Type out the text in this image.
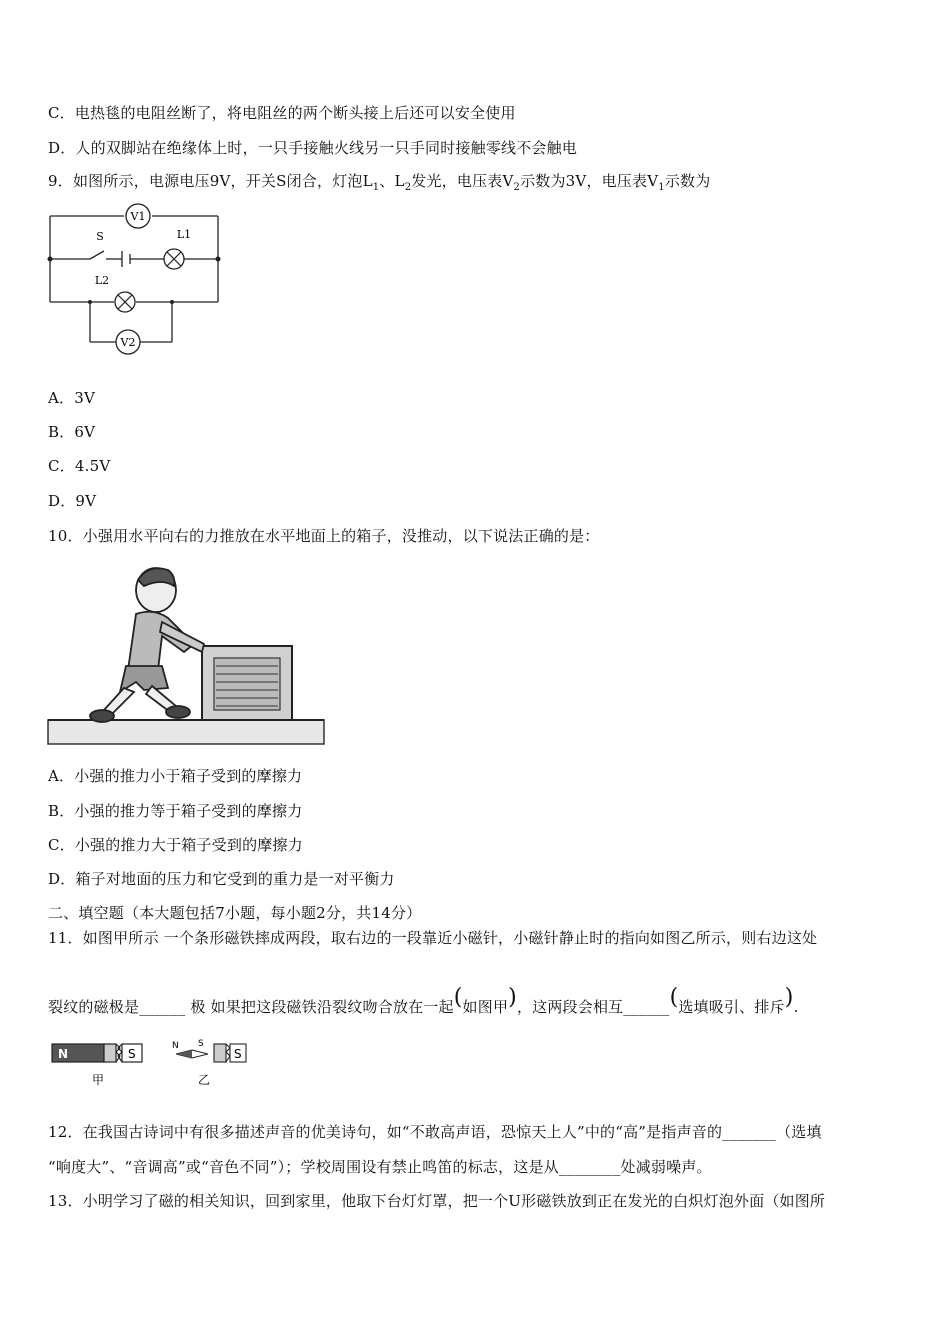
C．电热毯的电阻丝断了，将电阻丝的两个断头接上后还可以安全使用
D．人的双脚站在绝缘体上时，一只手接触火线另一只手同时接触零线不会触电
9．如图所示，电源电压9V，开关S闭合，灯泡$L_1$、$L_2$发光，电压表$V_2$示数为3V，电压表$V_1$示数为
V1
L1
S
L2
V2
A．3V
B．6V
C．4.5V
D．9V
10．小强用水平向右的力推放在水平地面上的箱子，没推动，以下说法正确的是：
A．小强的推力小于箱子受到的摩擦力
B．小强的推力等于箱子受到的摩擦力
C．小强的推力大于箱子受到的摩擦力
D．箱子对地面的压力和它受到的重力是一对平衡力
二、填空题（本大题包括7小题，每小题2分，共14分）
11．如图甲所示 一个条形磁铁摔成两段，取右边的一段靠近小磁针，小磁针静止时的指向如图乙所示，则右边这处
裂纹的磁极是______ 极 如果把这段磁铁沿裂纹吻合放在一起(如图甲)，这两段会相互______(选填吸引、排斥).
N	S
甲
N S
S
乙
12．在我国古诗词中有很多描述声音的优美诗句，如“不敢高声语，恐惊天上人”中的“高”是指声音的_______（选填
“响度大”、“音调高”或“音色不同”）；学校周围设有禁止鸣笛的标志，这是从________处减弱噪声。
13．小明学习了磁的相关知识，回到家里，他取下台灯灯罩，把一个U形磁铁放到正在发光的白炽灯泡外面（如图所
